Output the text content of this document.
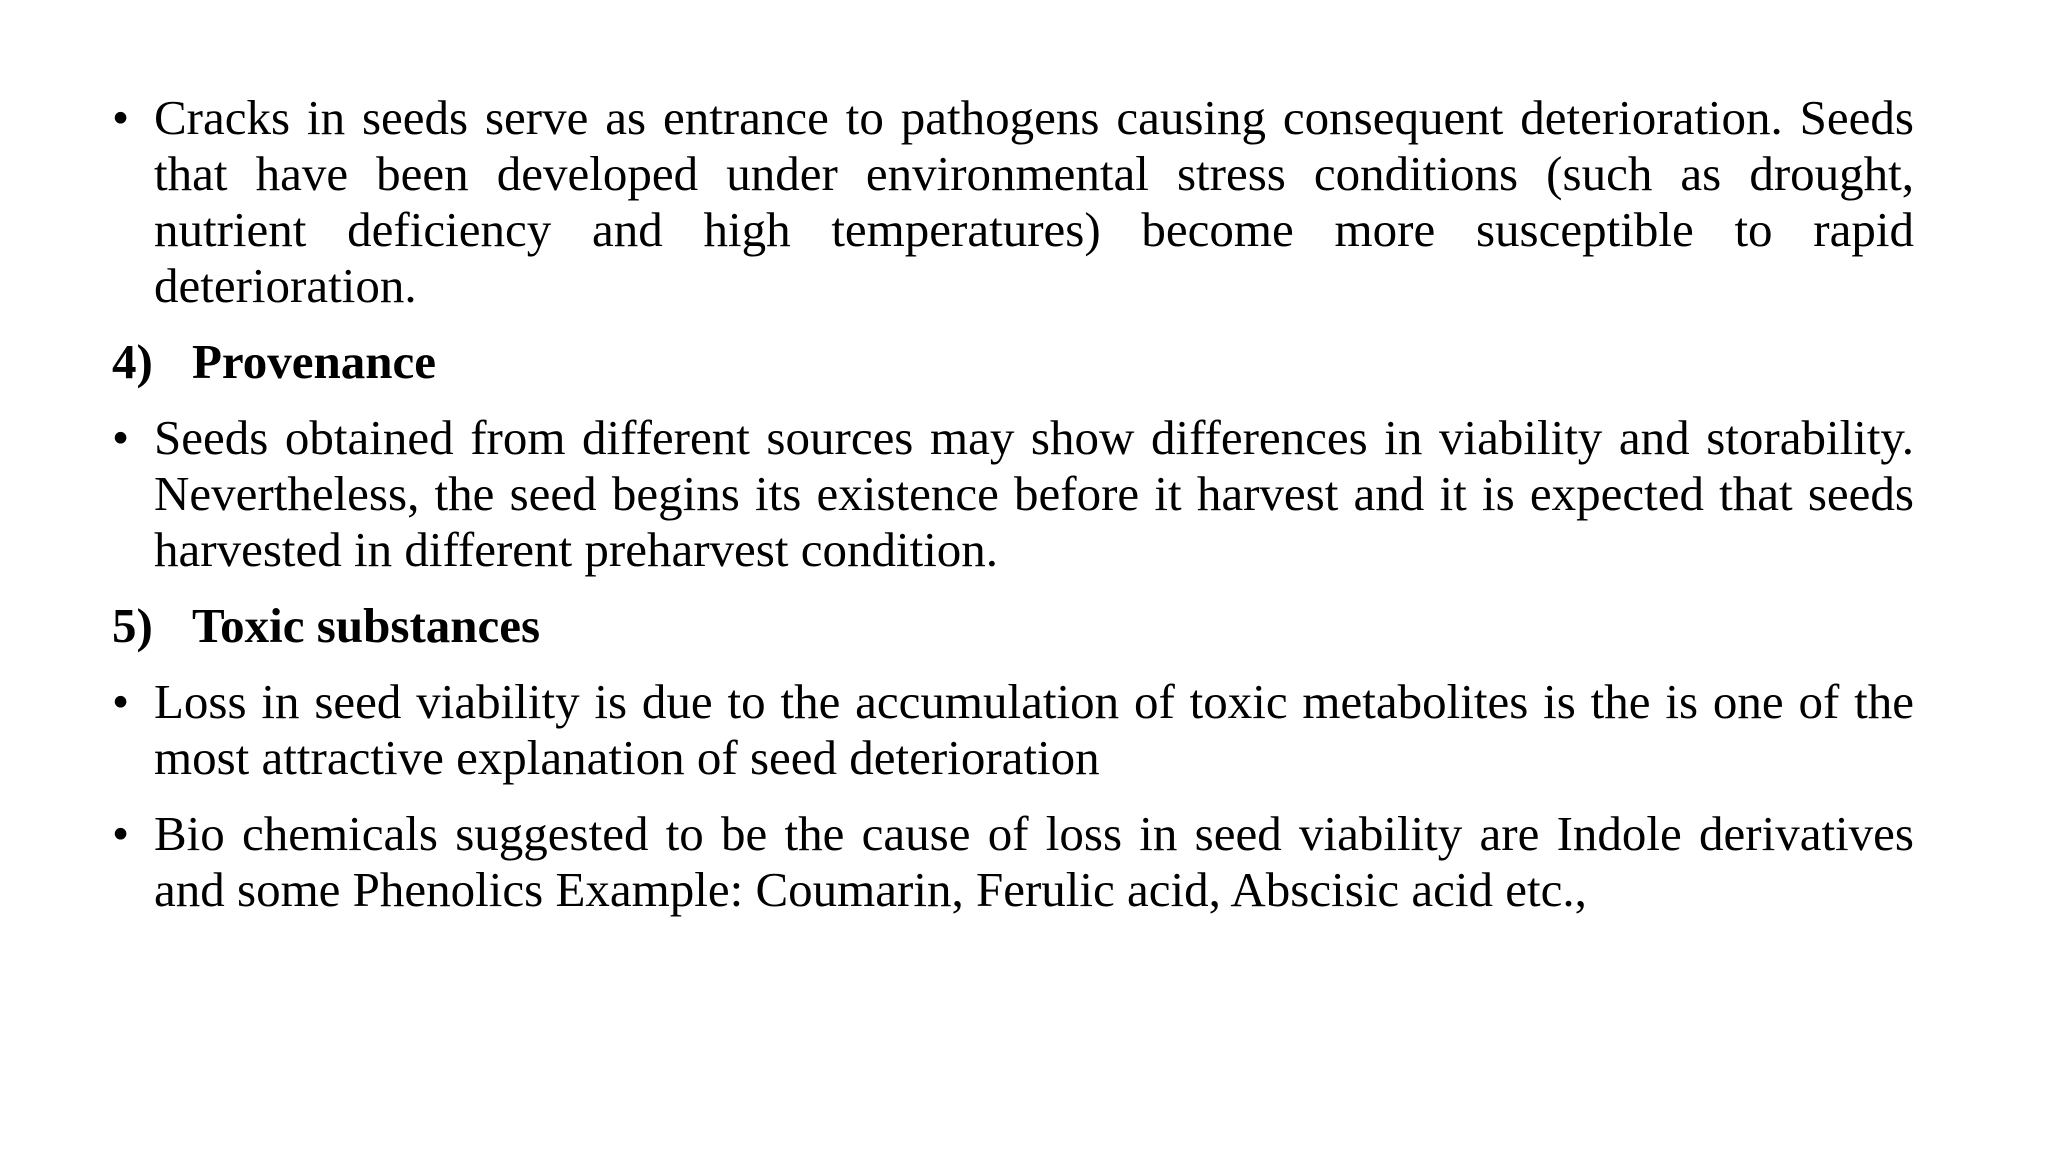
• Cracks in seeds serve as entrance to pathogens causing consequent deterioration. Seeds that have been developed under environmental stress conditions (such as drought, nutrient deficiency and high temperatures) become more susceptible to rapid deterioration.
4) Provenance
• Seeds obtained from different sources may show differences in viability and storability. Nevertheless, the seed begins its existence before it harvest and it is expected that seeds harvested in different preharvest condition.
5) Toxic substances
• Loss in seed viability is due to the accumulation of toxic metabolites is the is one of the most attractive explanation of seed deterioration
• Bio chemicals suggested to be the cause of loss in seed viability are Indole derivatives and some Phenolics Example: Coumarin, Ferulic acid, Abscisic acid etc.,
